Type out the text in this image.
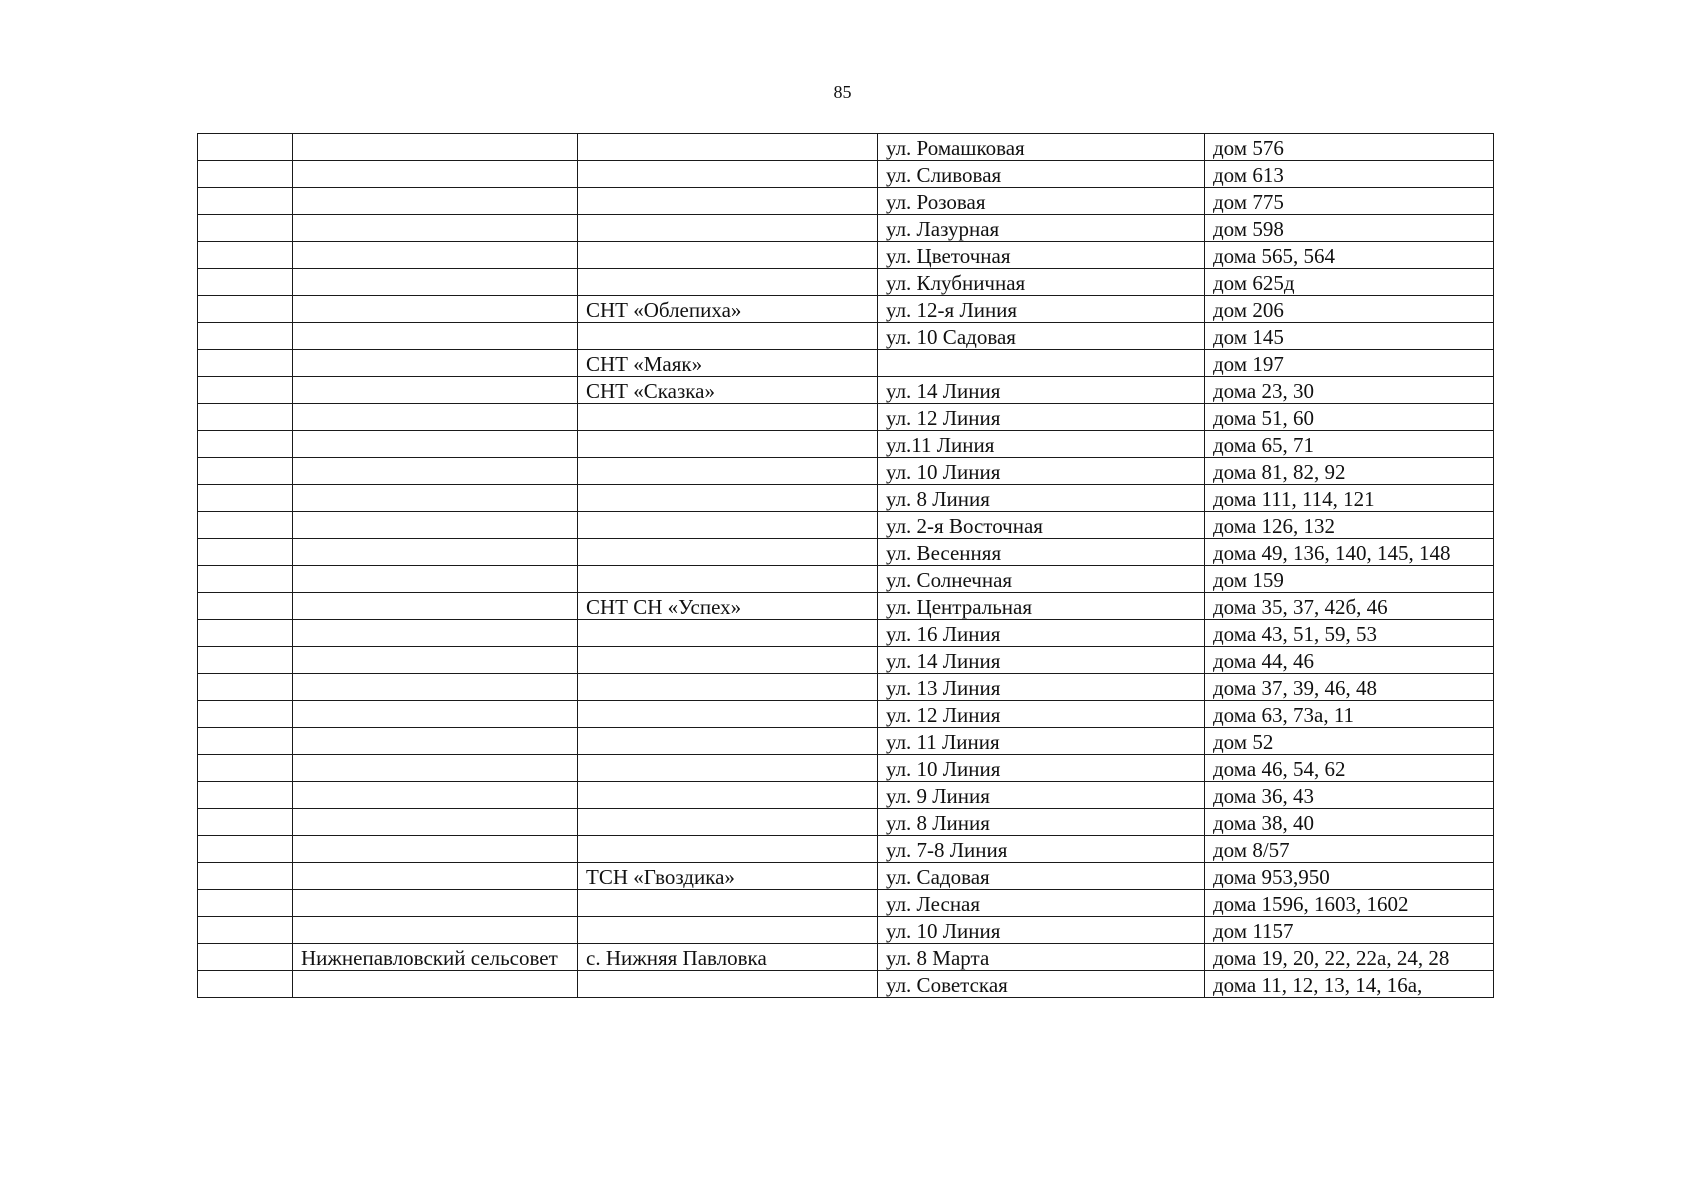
85
			ул. Ромашковая	дом 576
			ул. Сливовая	дом 613
			ул. Розовая	дом 775
			ул. Лазурная	дом 598
			ул. Цветочная	дома 565, 564
			ул. Клубничная	дом 625д
		СНТ «Облепиха»	ул. 12-я Линия	дом 206
			ул. 10 Садовая	дом 145
		СНТ «Маяк»		дом 197
		СНТ «Сказка»	ул. 14 Линия	дома 23, 30
			ул. 12 Линия	дома 51, 60
			ул.11 Линия	дома 65, 71
			ул. 10 Линия	дома 81, 82, 92
			ул. 8 Линия	дома 111, 114, 121
			ул. 2-я Восточная	дома 126, 132
			ул. Весенняя	дома 49, 136, 140, 145, 148
			ул. Солнечная	дом 159
		СНТ СН «Успех»	ул. Центральная	дома 35, 37, 42б, 46
			ул. 16 Линия	дома 43, 51, 59, 53
			ул. 14 Линия	дома 44, 46
			ул. 13 Линия	дома 37, 39, 46, 48
			ул. 12 Линия	дома 63, 73а, 11
			ул. 11 Линия	дом 52
			ул. 10 Линия	дома 46, 54, 62
			ул. 9 Линия	дома 36, 43
			ул. 8 Линия	дома 38, 40
			ул. 7-8 Линия	дом 8/57
		ТСН «Гвоздика»	ул. Садовая	дома 953,950
			ул. Лесная	дома 1596, 1603, 1602
			ул. 10 Линия	дом 1157
	Нижнепавловский сельсовет	с. Нижняя Павловка	ул. 8 Марта	дома 19, 20, 22, 22а, 24, 28
			ул. Советская	дома 11, 12, 13, 14, 16а,
